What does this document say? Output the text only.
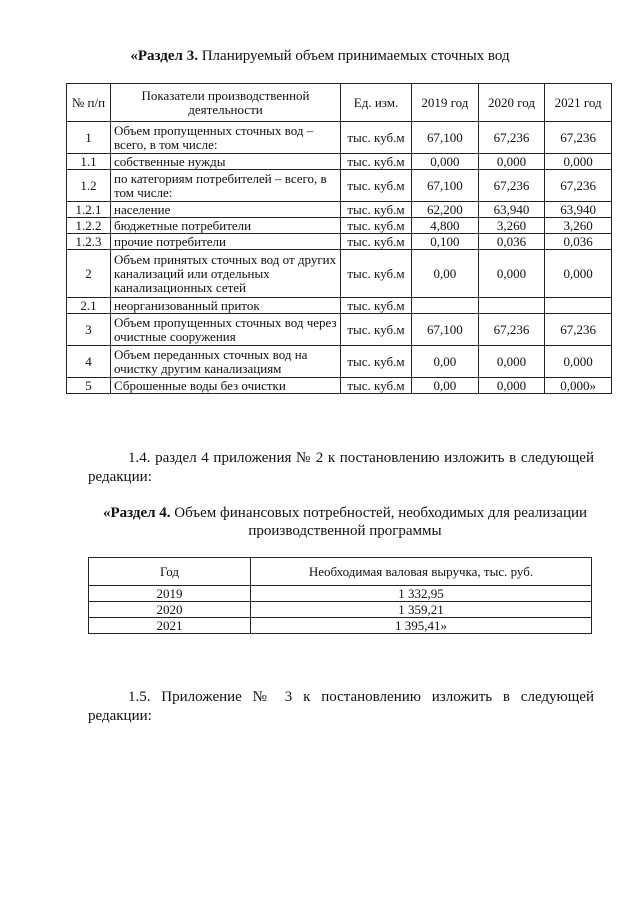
«Раздел 3. Планируемый объем принимаемых сточных вод
№ п/п	Показатели производственной деятельности	Ед. изм.	2019 год	2020 год	2021 год
1	Объем пропущенных сточных вод – всего, в том числе:	тыс. куб.м	67,100	67,236	67,236
1.1	собственные нужды	тыс. куб.м	0,000	0,000	0,000
1.2	по категориям потребителей – всего, в том числе:	тыс. куб.м	67,100	67,236	67,236
1.2.1	население	тыс. куб.м	62,200	63,940	63,940
1.2.2	бюджетные потребители	тыс. куб.м	4,800	3,260	3,260
1.2.3	прочие потребители	тыс. куб.м	0,100	0,036	0,036
2	Объем принятых сточных вод от других канализаций или отдельных канализационных сетей	тыс. куб.м	0,00	0,000	0,000
2.1	неорганизованный приток	тыс. куб.м			
3	Объем пропущенных сточных вод через очистные сооружения	тыс. куб.м	67,100	67,236	67,236
4	Объем переданных сточных вод на очистку другим канализациям	тыс. куб.м	0,00	0,000	0,000
5	Сброшенные воды без очистки	тыс. куб.м	0,00	0,000	0,000»
1.4. раздел 4 приложения № 2 к постановлению изложить в следующей редакции:
«Раздел 4. Объем финансовых потребностей, необходимых для реализации производственной программы
Год	Необходимая валовая выручка, тыс. руб.
2019	1 332,95
2020	1 359,21
2021	1 395,41»
1.5. Приложение № 3 к постановлению изложить в следующей редакции:
